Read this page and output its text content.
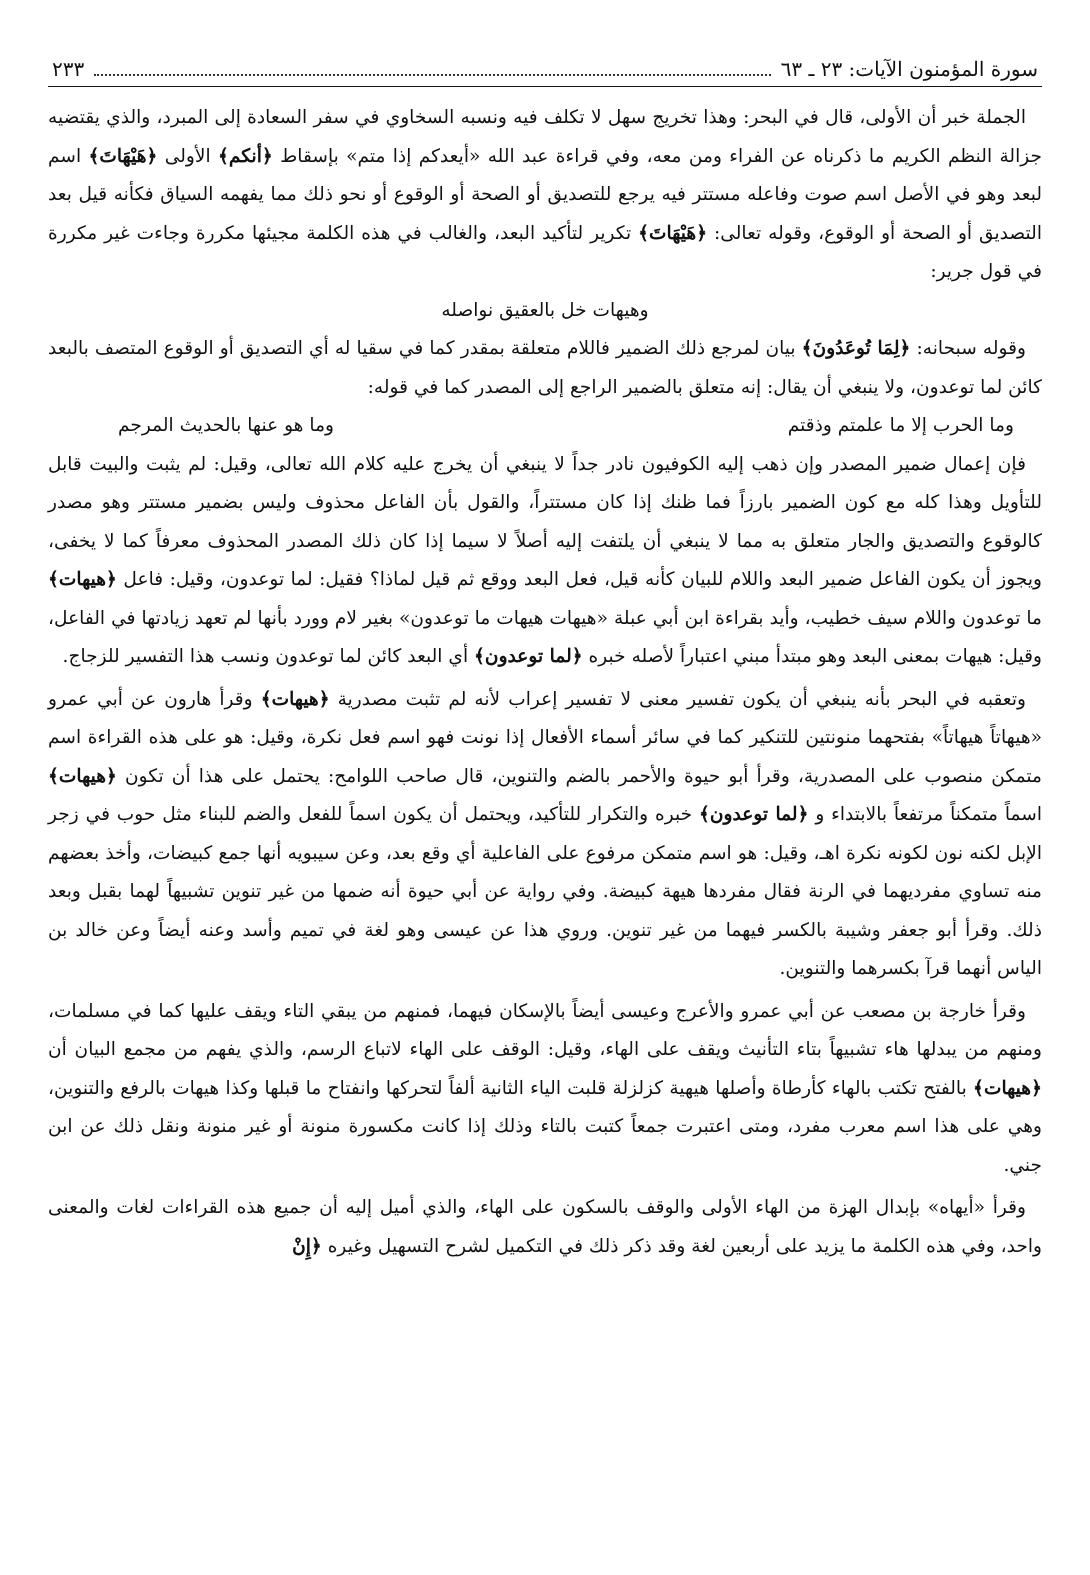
سورة المؤمنون الآيات: ٢٣ ـ ٦٣
٢٣٣

الجملة خبر أن الأولى، قال في البحر: وهذا تخريج سهل لا تكلف فيه ونسبه السخاوي في سفر السعادة إلى المبرد، والذي يقتضيه جزالة النظم الكريم ما ذكرناه عن الفراء ومن معه، وفي قراءة عبد الله «أيعدكم إذا متم» بإسقاط ﴿أنكم﴾ الأولى ﴿هَيْهَاتَ﴾ اسم لبعد وهو في الأصل اسم صوت وفاعله مستتر فيه يرجع للتصديق أو الصحة أو الوقوع أو نحو ذلك مما يفهمه السياق فكأنه قيل بعد التصديق أو الصحة أو الوقوع، وقوله تعالى: ﴿هَيْهَاتَ﴾ تكرير لتأكيد البعد، والغالب في هذه الكلمة مجيئها مكررة وجاءت غير مكررة في قول جرير:

وهيهات خل بالعقيق نواصله

وقوله سبحانه: ﴿لِمَا تُوعَدُونَ﴾ بيان لمرجع ذلك الضمير فاللام متعلقة بمقدر كما في سقيا له أي التصديق أو الوقوع المتصف بالبعد كائن لما توعدون، ولا ينبغي أن يقال: إنه متعلق بالضمير الراجع إلى المصدر كما في قوله:

وما الحرب إلا ما علمتم وذقتم
وما هو عنها بالحديث المرجم

فإن إعمال ضمير المصدر وإن ذهب إليه الكوفيون نادر جداً لا ينبغي أن يخرج عليه كلام الله تعالى، وقيل: لم يثبت والبيت قابل للتأويل وهذا كله مع كون الضمير بارزاً فما ظنك إذا كان مستتراً، والقول بأن الفاعل محذوف وليس بضمير مستتر وهو مصدر كالوقوع والتصديق والجار متعلق به مما لا ينبغي أن يلتفت إليه أصلاً لا سيما إذا كان ذلك المصدر المحذوف معرفاً كما لا يخفى، ويجوز أن يكون الفاعل ضمير البعد واللام للبيان كأنه قيل، فعل البعد ووقع ثم قيل لماذا؟ فقيل: لما توعدون، وقيل: فاعل ﴿هيهات﴾ ما توعدون واللام سيف خطيب، وأيد بقراءة ابن أبي عبلة «هيهات هيهات ما توعدون» بغير لام وورد بأنها لم تعهد زيادتها في الفاعل، وقيل: هيهات بمعنى البعد وهو مبتدأ مبني اعتباراً لأصله خبره ﴿لما توعدون﴾ أي البعد كائن لما توعدون ونسب هذا التفسير للزجاج.

وتعقبه في البحر بأنه ينبغي أن يكون تفسير معنى لا تفسير إعراب لأنه لم تثبت مصدرية ﴿هيهات﴾ وقرأ هارون عن أبي عمرو «هيهاتاً هيهاتاً» بفتحهما منونتين للتنكير كما في سائر أسماء الأفعال إذا نونت فهو اسم فعل نكرة، وقيل: هو على هذه القراءة اسم متمكن منصوب على المصدرية، وقرأ أبو حيوة والأحمر بالضم والتنوين، قال صاحب اللوامح: يحتمل على هذا أن تكون ﴿هيهات﴾ اسماً متمكناً مرتفعاً بالابتداء و ﴿لما توعدون﴾ خبره والتكرار للتأكيد، ويحتمل أن يكون اسماً للفعل والضم للبناء مثل حوب في زجر الإبل لكنه نون لكونه نكرة اهـ، وقيل: هو اسم متمكن مرفوع على الفاعلية أي وقع بعد، وعن سيبويه أنها جمع كبيضات، وأخذ بعضهم منه تساوي مفرديهما في الرنة فقال مفردها هيهة كبيضة. وفي رواية عن أبي حيوة أنه ضمها من غير تنوين تشبيهاً لهما بقبل وبعد ذلك. وقرأ أبو جعفر وشيبة بالكسر فيهما من غير تنوين. وروي هذا عن عيسى وهو لغة في تميم وأسد وعنه أيضاً وعن خالد بن الياس أنهما قرآ بكسرهما والتنوين.

وقرأ خارجة بن مصعب عن أبي عمرو والأعرج وعيسى أيضاً بالإسكان فيهما، فمنهم من يبقي التاء ويقف عليها كما في مسلمات، ومنهم من يبدلها هاء تشبيهاً بتاء التأنيث ويقف على الهاء، وقيل: الوقف على الهاء لاتباع الرسم، والذي يفهم من مجمع البيان أن ﴿هيهات﴾ بالفتح تكتب بالهاء كأرطاة وأصلها هيهية كزلزلة قلبت الياء الثانية ألفاً لتحركها وانفتاح ما قبلها وكذا هيهات بالرفع والتنوين، وهي على هذا اسم معرب مفرد، ومتى اعتبرت جمعاً كتبت بالتاء وذلك إذا كانت مكسورة منونة أو غير منونة ونقل ذلك عن ابن جني.

وقرأ «أيهاه» بإبدال الهزة من الهاء الأولى والوقف بالسكون على الهاء، والذي أميل إليه أن جميع هذه القراءات لغات والمعنى واحد، وفي هذه الكلمة ما يزيد على أربعين لغة وقد ذكر ذلك في التكميل لشرح التسهيل وغيره ﴿إِنْ
